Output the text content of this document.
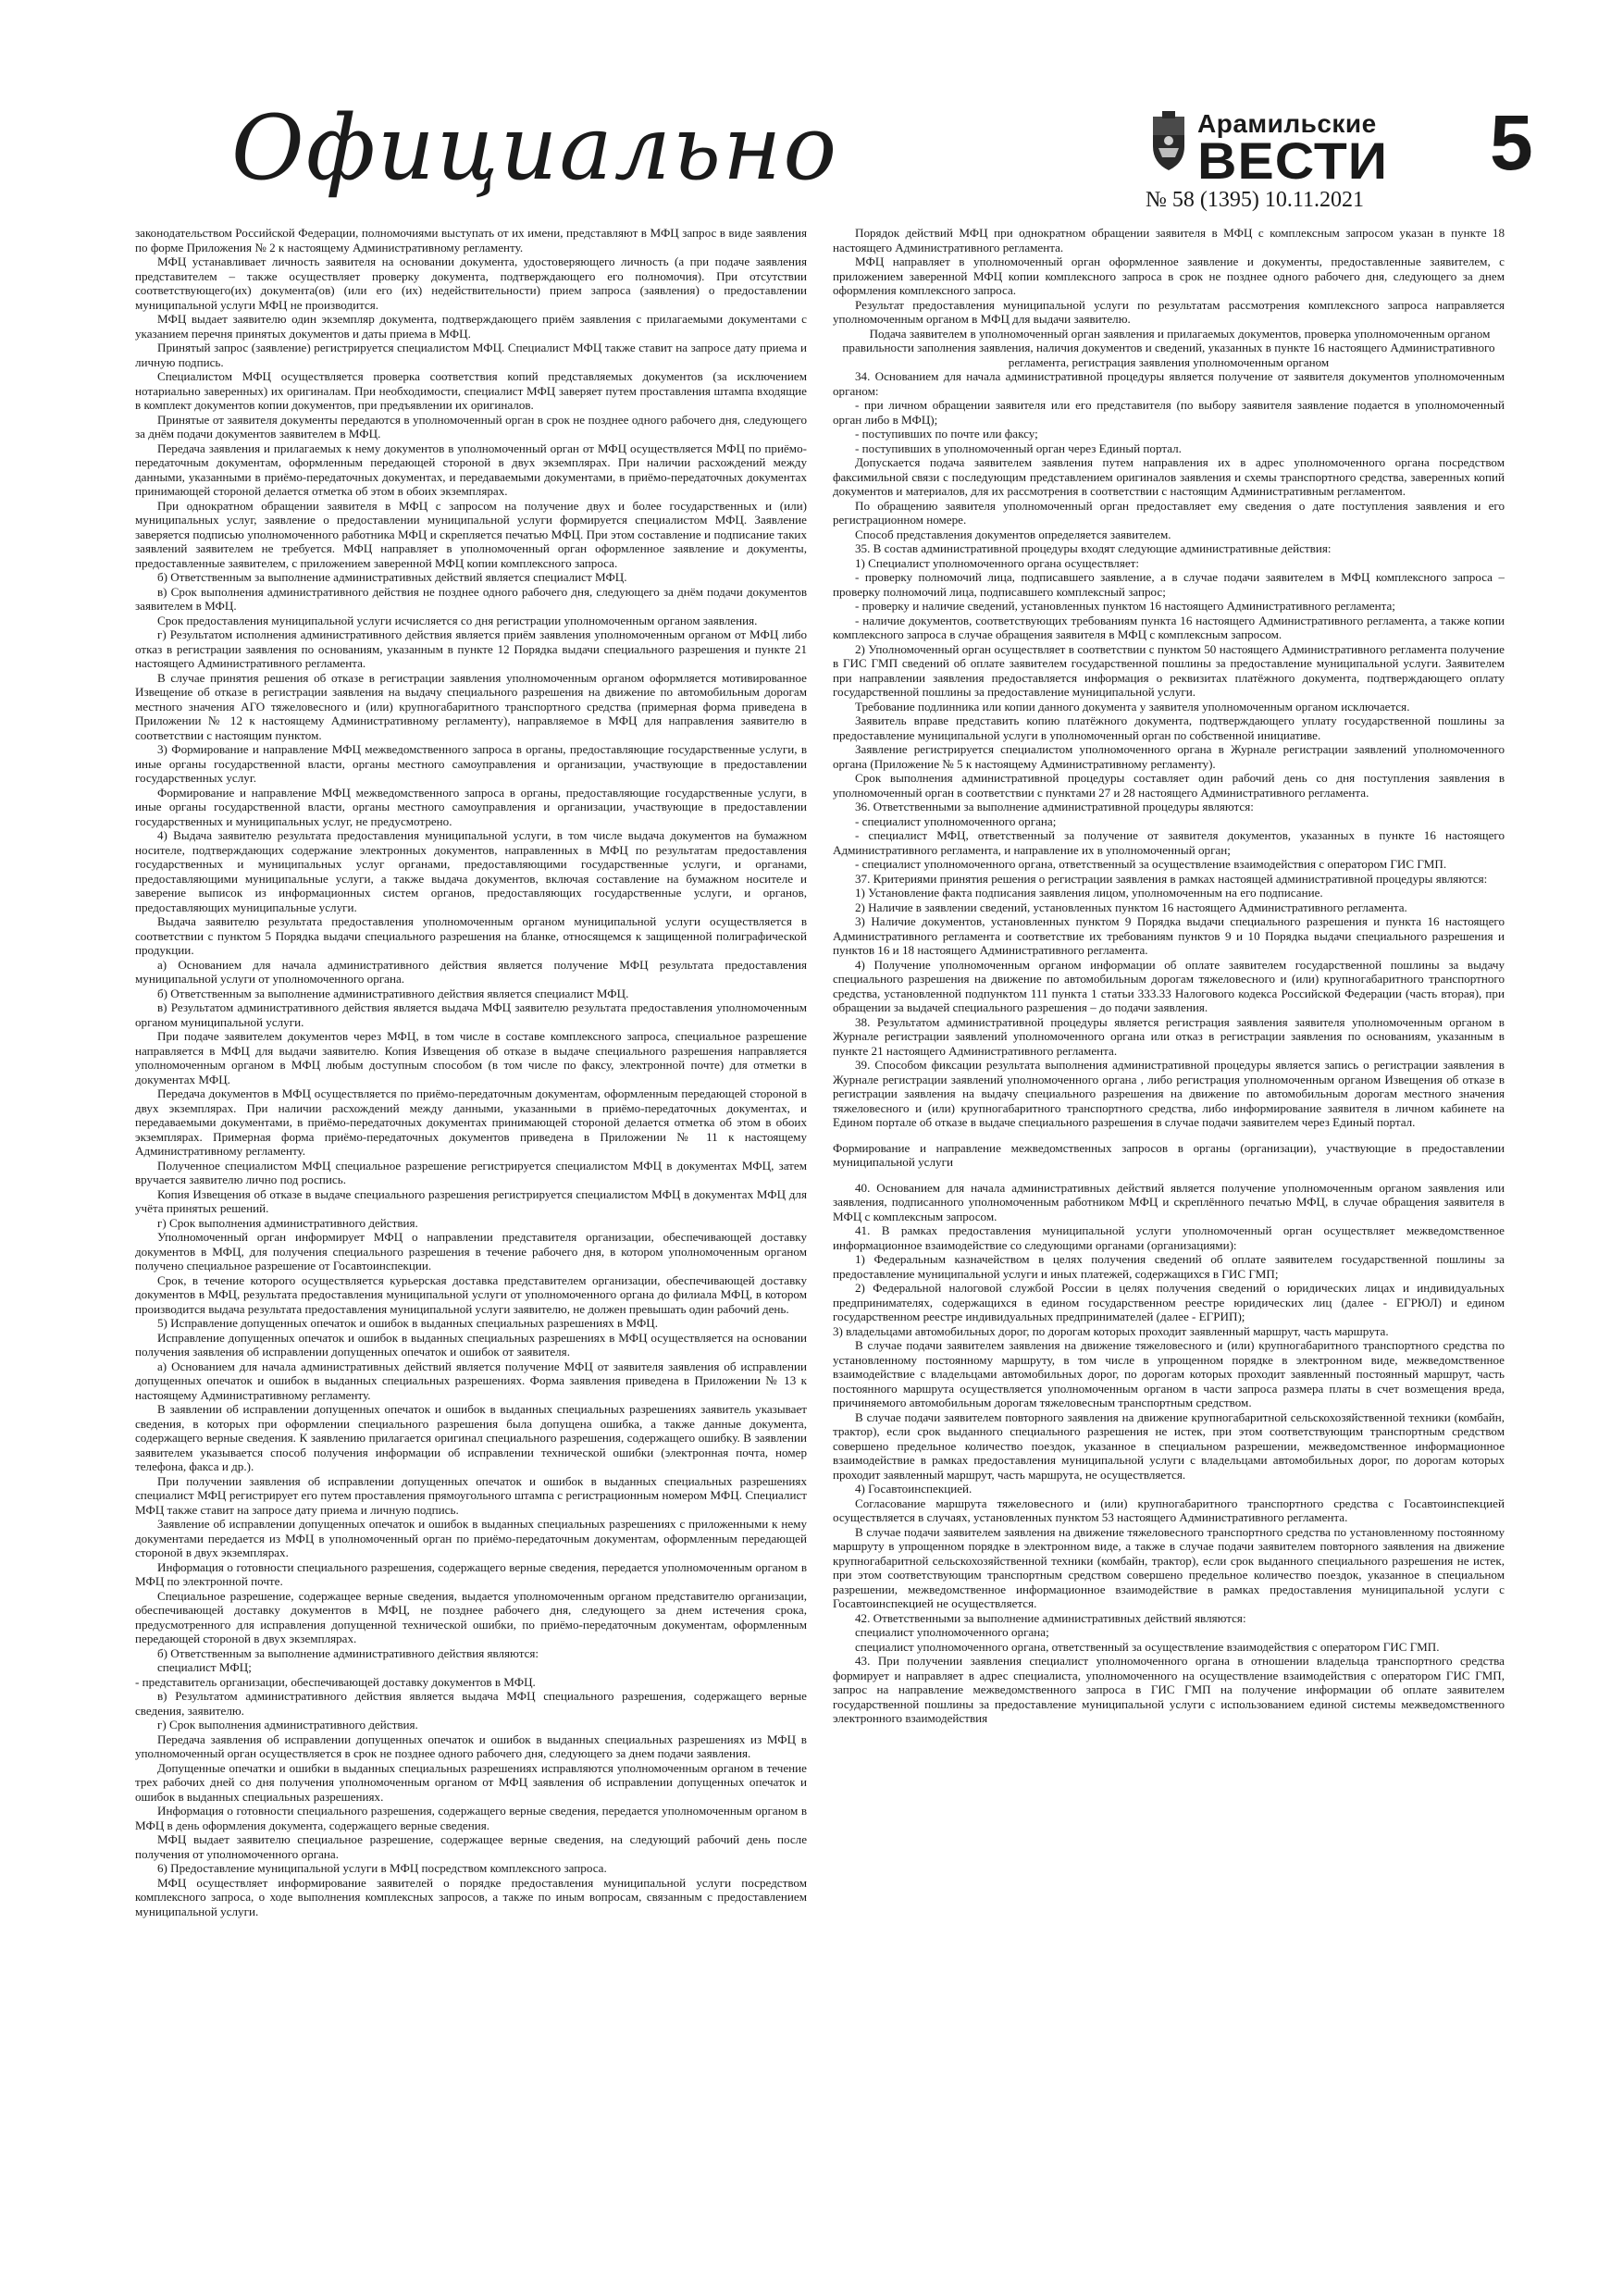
Официально	Арамильские
ВЕСТИ
№ 58 (1395) 10.11.2021
5

законодательством Российской Федерации, полномочиями выступать от их имени, представляют в МФЦ запрос в виде заявления по форме Приложения № 2 к настоящему Административному регламенту.

МФЦ устанавливает личность заявителя на основании документа, удостоверяющего личность (а при подаче заявления представителем – также осуществляет проверку документа, подтверждающего его полномочия). При отсутствии соответствующего(их) документа(ов) (или его (их) недействительности) прием запроса (заявления) о предоставлении муниципальной услуги МФЦ не производится.

МФЦ выдает заявителю один экземпляр документа, подтверждающего приём заявления с прилагаемыми документами с указанием перечня принятых документов и даты приема в МФЦ.

Принятый запрос (заявление) регистрируется специалистом МФЦ. Специалист МФЦ также ставит на запросе дату приема и личную подпись.

Специалистом МФЦ осуществляется проверка соответствия копий представляемых документов (за исключением нотариально заверенных) их оригиналам. При необходимости, специалист МФЦ заверяет путем проставления штампа входящие в комплект документов копии документов, при предъявлении их оригиналов.

Принятые от заявителя документы передаются в уполномоченный орган в срок не позднее одного рабочего дня, следующего за днём подачи документов заявителем в МФЦ.

Передача заявления и прилагаемых к нему документов в уполномоченный орган от МФЦ осуществляется МФЦ по приёмо-передаточным документам, оформленным передающей стороной в двух экземплярах. При наличии расхождений между данными, указанными в приёмо-передаточных документах, и передаваемыми документами, в приёмо-передаточных документах принимающей стороной делается отметка об этом в обоих экземплярах.

При однократном обращении заявителя в МФЦ с запросом на получение двух и более государственных и (или) муниципальных услуг, заявление о предоставлении муниципальной услуги формируется специалистом МФЦ. Заявление заверяется подписью уполномоченного работника МФЦ и скрепляется печатью МФЦ. При этом составление и подписание таких заявлений заявителем не требуется. МФЦ направляет в уполномоченный орган оформленное заявление и документы, предоставленные заявителем, с приложением заверенной МФЦ копии комплексного запроса.

б) Ответственным за выполнение административных действий является специалист МФЦ.

в) Срок выполнения административного действия не позднее одного рабочего дня, следующего за днём подачи документов заявителем в МФЦ.

Срок предоставления муниципальной услуги исчисляется со дня регистрации уполномоченным органом заявления.

г) Результатом исполнения административного действия является приём заявления уполномоченным органом от МФЦ либо отказ в регистрации заявления по основаниям, указанным в пункте 12 Порядка выдачи специального разрешения и пункте 21 настоящего Административного регламента.

В случае принятия решения об отказе в регистрации заявления уполномоченным органом оформляется мотивированное Извещение об отказе в регистрации заявления на выдачу специального разрешения на движение по автомобильным дорогам местного значения АГО тяжеловесного и (или) крупногабаритного транспортного средства (примерная форма приведена в Приложении № 12 к настоящему Административному регламенту), направляемое в МФЦ для направления заявителю в соответствии с настоящим пунктом.

3) Формирование и направление МФЦ межведомственного запроса в органы, предоставляющие государственные услуги, в иные органы государственной власти, органы местного самоуправления и организации, участвующие в предоставлении государственных услуг.

Формирование и направление МФЦ межведомственного запроса в органы, предоставляющие государственные услуги, в иные органы государственной власти, органы местного самоуправления и организации, участвующие в предоставлении государственных и муниципальных услуг, не предусмотрено.

4) Выдача заявителю результата предоставления муниципальной услуги, в том числе выдача документов на бумажном носителе, подтверждающих содержание электронных документов, направленных в МФЦ по результатам предоставления государственных и муниципальных услуг органами, предоставляющими государственные услуги, и органами, предоставляющими муниципальные услуги, а также выдача документов, включая составление на бумажном носителе и заверение выписок из информационных систем органов, предоставляющих государственные услуги, и органов, предоставляющих муниципальные услуги.

Выдача заявителю результата предоставления уполномоченным органом муниципальной услуги осуществляется в соответствии с пунктом 5 Порядка выдачи специального разрешения на бланке, относящемся к защищенной полиграфической продукции.

а) Основанием для начала административного действия является получение МФЦ результата предоставления муниципальной услуги от уполномоченного органа.

б) Ответственным за выполнение административного действия является специалист МФЦ.

в) Результатом административного действия является выдача МФЦ заявителю результата предоставления уполномоченным органом муниципальной услуги.

При подаче заявителем документов через МФЦ, в том числе в составе комплексного запроса, специальное разрешение направляется в МФЦ для выдачи заявителю. Копия Извещения об отказе в выдаче специального разрешения направляется уполномоченным органом в МФЦ любым доступным способом (в том числе по факсу, электронной почте) для отметки в документах МФЦ.

Передача документов в МФЦ осуществляется по приёмо-передаточным документам, оформленным передающей стороной в двух экземплярах. При наличии расхождений между данными, указанными в приёмо-передаточных документах, и передаваемыми документами, в приёмо-передаточных документах принимающей стороной делается отметка об этом в обоих экземплярах. Примерная форма приёмо-передаточных документов приведена в Приложении № 11 к настоящему Административному регламенту.

Полученное специалистом МФЦ специальное разрешение регистрируется специалистом МФЦ в документах МФЦ, затем вручается заявителю лично под роспись.

Копия Извещения об отказе в выдаче специального разрешения регистрируется специалистом МФЦ в документах МФЦ для учёта принятых решений.

г) Срок выполнения административного действия.

Уполномоченный орган информирует МФЦ о направлении представителя организации, обеспечивающей доставку документов в МФЦ, для получения специального разрешения в течение рабочего дня, в котором уполномоченным органом получено специальное разрешение от Госавтоинспекции.

Срок, в течение которого осуществляется курьерская доставка представителем организации, обеспечивающей доставку документов в МФЦ, результата предоставления муниципальной услуги от уполномоченного органа до филиала МФЦ, в котором производится выдача результата предоставления муниципальной услуги заявителю, не должен превышать один рабочий день.

5) Исправление допущенных опечаток и ошибок в выданных специальных разрешениях в МФЦ.

Исправление допущенных опечаток и ошибок в выданных специальных разрешениях в МФЦ осуществляется на основании получения заявления об исправлении допущенных опечаток и ошибок от заявителя.

а) Основанием для начала административных действий является получение МФЦ от заявителя заявления об исправлении допущенных опечаток и ошибок в выданных специальных разрешениях. Форма заявления приведена в Приложении № 13 к настоящему Административному регламенту.

В заявлении об исправлении допущенных опечаток и ошибок в выданных специальных разрешениях заявитель указывает сведения, в которых при оформлении специального разрешения была допущена ошибка, а также данные документа, содержащего верные сведения. К заявлению прилагается оригинал специального разрешения, содержащего ошибку. В заявлении заявителем указывается способ получения информации об исправлении технической ошибки (электронная почта, номер телефона, факса и др.).

При получении заявления об исправлении допущенных опечаток и ошибок в выданных специальных разрешениях специалист МФЦ регистрирует его путем проставления прямоугольного штампа с регистрационным номером МФЦ. Специалист МФЦ также ставит на запросе дату приема и личную подпись.

Заявление об исправлении допущенных опечаток и ошибок в выданных специальных разрешениях с приложенными к нему документами передается из МФЦ в уполномоченный орган по приёмо-передаточным документам, оформленным передающей стороной в двух экземплярах.

Информация о готовности специального разрешения, содержащего верные сведения, передается уполномоченным органом в МФЦ по электронной почте.

Специальное разрешение, содержащее верные сведения, выдается уполномоченным органом представителю организации, обеспечивающей доставку документов в МФЦ, не позднее рабочего дня, следующего за днем истечения срока, предусмотренного для исправления допущенной технической ошибки, по приёмо-передаточным документам, оформленным передающей стороной в двух экземплярах.

б) Ответственным за выполнение административного действия являются:

специалист МФЦ;

- представитель организации, обеспечивающей доставку документов в МФЦ.

в) Результатом административного действия является выдача МФЦ специального разрешения, содержащего верные сведения, заявителю.

г) Срок выполнения административного действия.

Передача заявления об исправлении допущенных опечаток и ошибок в выданных специальных разрешениях из МФЦ в уполномоченный орган осуществляется в срок не позднее одного рабочего дня, следующего за днем подачи заявления.

Допущенные опечатки и ошибки в выданных специальных разрешениях исправляются уполномоченным органом в течение трех рабочих дней со дня получения уполномоченным органом от МФЦ заявления об исправлении допущенных опечаток и ошибок в выданных специальных разрешениях.

Информация о готовности специального разрешения, содержащего верные сведения, передается уполномоченным органом в МФЦ в день оформления документа, содержащего верные сведения.

МФЦ выдает заявителю специальное разрешение, содержащее верные сведения, на следующий рабочий день после получения от уполномоченного органа.

6) Предоставление муниципальной услуги в МФЦ посредством комплексного запроса.

МФЦ осуществляет информирование заявителей о порядке предоставления муниципальной услуги посредством комплексного запроса, о ходе выполнения комплексных запросов, а также по иным вопросам, связанным с предоставлением муниципальной услуги.

Порядок действий МФЦ при однократном обращении заявителя в МФЦ с комплексным запросом указан в пункте 18 настоящего Административного регламента.

МФЦ направляет в уполномоченный орган оформленное заявление и документы, предоставленные заявителем, с приложением заверенной МФЦ копии комплексного запроса в срок не позднее одного рабочего дня, следующего за днем оформления комплексного запроса.

Результат предоставления муниципальной услуги по результатам рассмотрения комплексного запроса направляется уполномоченным органом в МФЦ для выдачи заявителю.

Подача заявителем в уполномоченный орган заявления и прилагаемых документов, проверка уполномоченным органом правильности заполнения заявления, наличия документов и сведений, указанных в пункте 16 настоящего Административного регламента, регистрация заявления уполномоченным органом

34. Основанием для начала административной процедуры является получение от заявителя документов уполномоченным органом:

- при личном обращении заявителя или его представителя (по выбору заявителя заявление подается в уполномоченный орган либо в МФЦ);

- поступивших по почте или факсу;

- поступивших в уполномоченный орган через Единый портал.

Допускается подача заявителем заявления путем направления их в адрес уполномоченного органа посредством факсимильной связи с последующим представлением оригиналов заявления и схемы транспортного средства, заверенных копий документов и материалов, для их рассмотрения в соответствии с настоящим Административным регламентом.

По обращению заявителя уполномоченный орган предоставляет ему сведения о дате поступления заявления и его регистрационном номере.

Способ представления документов определяется заявителем.

35. В состав административной процедуры входят следующие административные действия:

1) Специалист уполномоченного органа осуществляет:

- проверку полномочий лица, подписавшего заявление, а в случае подачи заявителем в МФЦ комплексного запроса – проверку полномочий лица, подписавшего комплексный запрос;

- проверку и наличие сведений, установленных пунктом 16 настоящего Административного регламента;

- наличие документов, соответствующих требованиям пункта 16 настоящего Административного регламента, а также копии комплексного запроса в случае обращения заявителя в МФЦ с комплексным запросом.

2) Уполномоченный орган осуществляет в соответствии с пунктом 50 настоящего Административного регламента получение в ГИС ГМП сведений об оплате заявителем государственной пошлины за предоставление муниципальной услуги. Заявителем при направлении заявления предоставляется информация о реквизитах платёжного документа, подтверждающего оплату государственной пошлины за предоставление муниципальной услуги.

Требование подлинника или копии данного документа у заявителя уполномоченным органом исключается.

Заявитель вправе представить копию платёжного документа, подтверждающего уплату государственной пошлины за предоставление муниципальной услуги в уполномоченный орган по собственной инициативе.

Заявление регистрируется специалистом уполномоченного органа в Журнале регистрации заявлений уполномоченного органа (Приложение № 5 к настоящему Административному регламенту).

Срок выполнения административной процедуры составляет один рабочий день со дня поступления заявления в уполномоченный орган в соответствии с пунктами 27 и 28 настоящего Административного регламента.

36. Ответственными за выполнение административной процедуры являются:

- специалист уполномоченного органа;

- специалист МФЦ, ответственный за получение от заявителя документов, указанных в пункте 16 настоящего Административного регламента, и направление их в уполномоченный орган;

- специалист уполномоченного органа, ответственный за осуществление взаимодействия с оператором ГИС ГМП.

37. Критериями принятия решения о регистрации заявления в рамках настоящей административной процедуры являются:

1) Установление факта подписания заявления лицом, уполномоченным на его подписание.

2) Наличие в заявлении сведений, установленных пунктом 16 настоящего Административного регламента.

3) Наличие документов, установленных пунктом 9 Порядка выдачи специального разрешения и пункта 16 настоящего Административного регламента и соответствие их требованиям пунктов 9 и 10 Порядка выдачи специального разрешения и пунктов 16 и 18 настоящего Административного регламента.

4) Получение уполномоченным органом информации об оплате заявителем государственной пошлины за выдачу специального разрешения на движение по автомобильным дорогам тяжеловесного и (или) крупногабаритного транспортного средства, установленной подпунктом 111 пункта 1 статьи 333.33 Налогового кодекса Российской Федерации (часть вторая), при обращении за выдачей специального разрешения – до подачи заявления.

38. Результатом административной процедуры является регистрация заявления заявителя уполномоченным органом в Журнале регистрации заявлений уполномоченного органа или отказ в регистрации заявления по основаниям, указанным в пункте 21 настоящего Административного регламента.

39. Способом фиксации результата выполнения административной процедуры является запись о регистрации заявления в Журнале регистрации заявлений уполномоченного органа , либо регистрация уполномоченным органом Извещения об отказе в регистрации заявления на выдачу специального разрешения на движение по автомобильным дорогам местного значения тяжеловесного и (или) крупногабаритного транспортного средства, либо информирование заявителя в личном кабинете на Едином портале об отказе в выдаче специального разрешения в случае подачи заявителем через Единый портал.

Формирование и направление межведомственных запросов в органы (организации), участвующие в предоставлении муниципальной услуги

40. Основанием для начала административных действий является получение уполномоченным органом заявления или заявления, подписанного уполномоченным работником МФЦ и скреплённого печатью МФЦ, в случае обращения заявителя в МФЦ с комплексным запросом.

41. В рамках предоставления муниципальной услуги уполномоченный орган осуществляет межведомственное информационное взаимодействие со следующими органами (организациями):

1) Федеральным казначейством в целях получения сведений об оплате заявителем государственной пошлины за предоставление муниципальной услуги и иных платежей, содержащихся в ГИС ГМП;

2) Федеральной налоговой службой России в целях получения сведений о юридических лицах и индивидуальных предпринимателях, содержащихся в едином государственном реестре юридических лиц (далее - ЕГРЮЛ) и едином государственном реестре индивидуальных предпринимателей (далее - ЕГРИП);

3) владельцами автомобильных дорог, по дорогам которых проходит заявленный маршрут, часть маршрута.

В случае подачи заявителем заявления на движение тяжеловесного и (или) крупногабаритного транспортного средства по установленному постоянному маршруту, в том числе в упрощенном порядке в электронном виде, межведомственное взаимодействие с владельцами автомобильных дорог, по дорогам которых проходит заявленный постоянный маршрут, часть постоянного маршрута осуществляется уполномоченным органом в части запроса размера платы в счет возмещения вреда, причиняемого автомобильным дорогам тяжеловесным транспортным средством.

В случае подачи заявителем повторного заявления на движение крупногабаритной сельскохозяйственной техники (комбайн, трактор), если срок выданного специального разрешения не истек, при этом соответствующим транспортным средством совершено предельное количество поездок, указанное в специальном разрешении, межведомственное информационное взаимодействие в рамках предоставления муниципальной услуги с владельцами автомобильных дорог, по дорогам которых проходит заявленный маршрут, часть маршрута, не осуществляется.

4) Госавтоинспекцией.

Согласование маршрута тяжеловесного и (или) крупногабаритного транспортного средства с Госавтоинспекцией осуществляется в случаях, установленных пунктом 53 настоящего Административного регламента.

В случае подачи заявителем заявления на движение тяжеловесного транспортного средства по установленному постоянному маршруту в упрощенном порядке в электронном виде, а также в случае подачи заявителем повторного заявления на движение крупногабаритной сельскохозяйственной техники (комбайн, трактор), если срок выданного специального разрешения не истек, при этом соответствующим транспортным средством совершено предельное количество поездок, указанное в специальном разрешении, межведомственное информационное взаимодействие в рамках предоставления муниципальной услуги с Госавтоинспекцией не осуществляется.

42. Ответственными за выполнение административных действий являются:

специалист уполномоченного органа;

специалист уполномоченного органа, ответственный за осуществление взаимодействия с оператором ГИС ГМП.

43. При получении заявления специалист уполномоченного органа в отношении владельца транспортного средства формирует и направляет в адрес специалиста, уполномоченного на осуществление взаимодействия с оператором ГИС ГМП, запрос на направление межведомственного запроса в ГИС ГМП на получение информации об оплате заявителем государственной пошлины за предоставление муниципальной услуги с использованием единой системы межведомственного электронного взаимодействия
